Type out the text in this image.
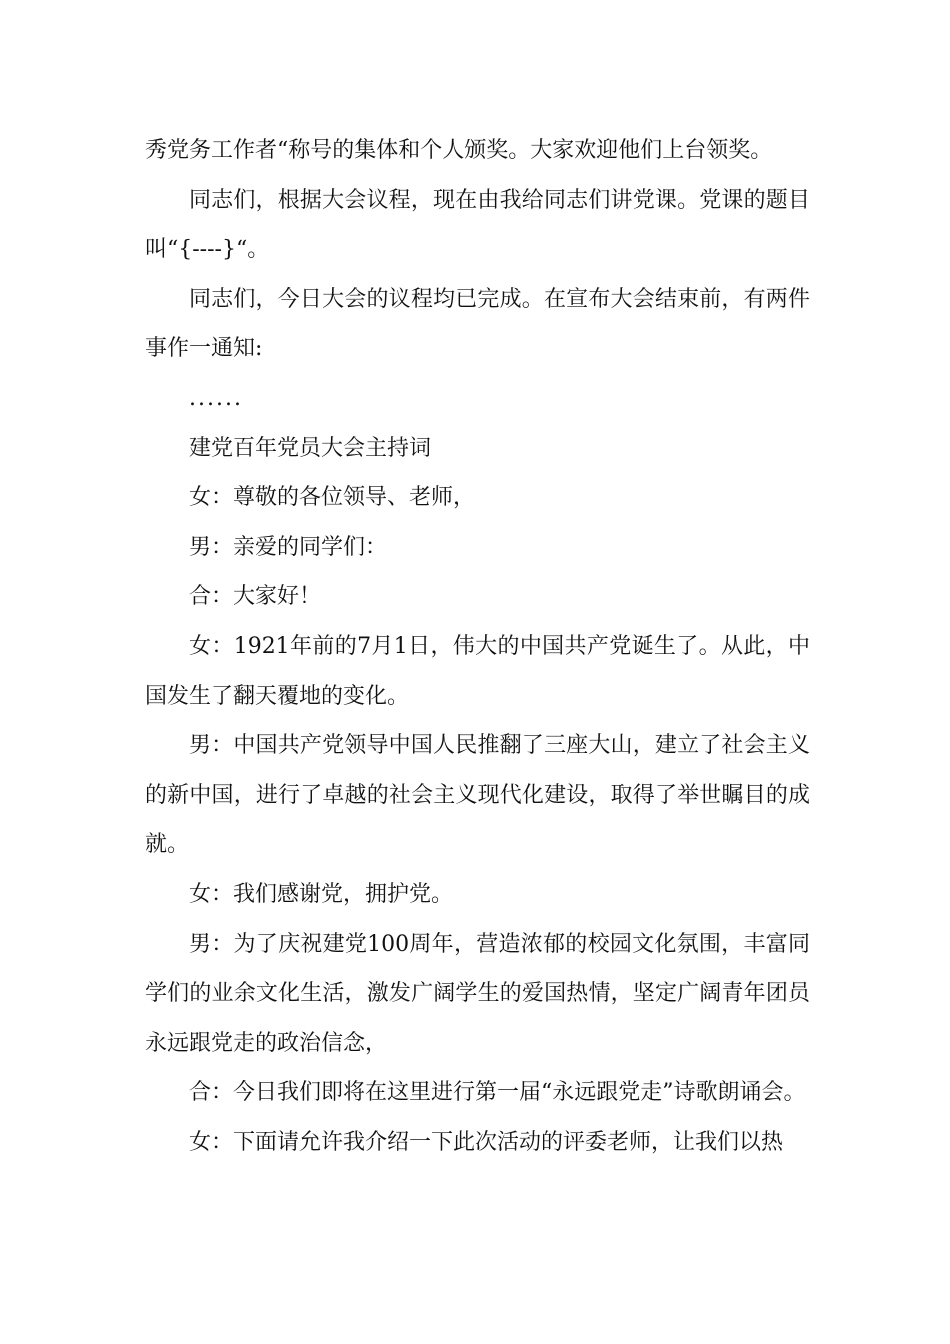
秀党务工作者“称号的集体和个人颁奖。大家欢迎他们上台领奖。

同志们，根据大会议程，现在由我给同志们讲党课。党课的题目叫“{----}“。

同志们，今日大会的议程均已完成。在宣布大会结束前，有两件事作一通知:

......

建党百年党员大会主持词

女：尊敬的各位领导、老师，

男：亲爱的同学们：

合：大家好！

女：1921年前的7月1日，伟大的中国共产党诞生了。从此，中国发生了翻天覆地的变化。

男：中国共产党领导中国人民推翻了三座大山，建立了社会主义的新中国，进行了卓越的社会主义现代化建设，取得了举世瞩目的成就。

女：我们感谢党，拥护党。

男：为了庆祝建党100周年，营造浓郁的校园文化氛围，丰富同学们的业余文化生活，激发广阔学生的爱国热情，坚定广阔青年团员永远跟党走的政治信念，

合：今日我们即将在这里进行第一届“永远跟党走”诗歌朗诵会。

女：下面请允许我介绍一下此次活动的评委老师，让我们以热
